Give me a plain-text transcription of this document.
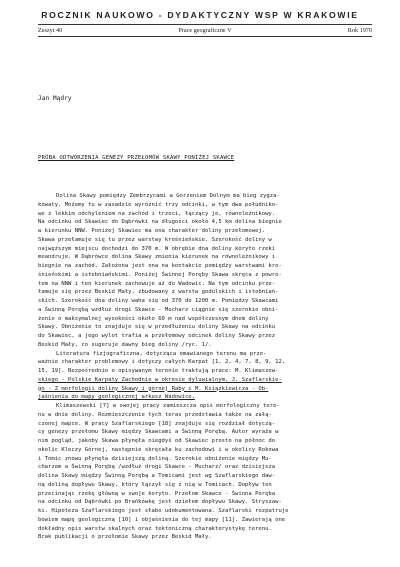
ROCZNIK NAUKOWO - DYDAKTYCZNY WSP W KRAKOWIE
Zeszyt 40	Prace geograficzne V	Rok 1970
Jan Mądry
PRÓBA ODTWORZENIA GENEZY PRZEŁOMÓW SKAWY PONIŻEJ SKAWCE
Dolina Skawy pomiędzy Zembrzycami a Gorzeniem Dolnym ma bieg zygza-
kowaty. Możemy tu w zasadzie wyróżnić trzy odcinki, w tym dwa południko-
we z lekkim odchyleniem na zachód i trzeci, łączący je, równoleżnikowy.
Na odcinku od Skawiec do Dąbrówki na długości około 4,5 km dolina biegnie
w kierunku NNW. Poniżej Skawiec ma ona charakter doliny przełomowej.
Skawa przełamuje się tu przez warstwy krośnieńskie. Szerokość doliny w
najwęższym miejscu dochodzi do 370 m. W obrębie dna doliny koryto rzeki
meandruje. W Dąbrówce dolina Skawy zmienia kierunek na równoleżnikowy i
biegnie na zachód. Założona jest ona na kontakcie pomiędzy warstwami kro-
śnieńskimi a istebniańskimi. Poniżej Świnnej Poręby Skawa skręca z powro-
tem na NNW i ten kierunek zachowuje aż do Wadowic. Na tym odcinku prze-
łamuje się przez Beskid Mały, zbudowany z warstw godulskich i istebniań-
skich. Szerokość dna doliny waha się od 370 do 1200 m. Pomiędzy Skawcami
a Świnną Porębą wzdłuż drogi Skawce - Mucharz ciągnie się szerokie obni-
żenie o maksymalnej wysokości około 60 m nad współczesnym dnem doliny
Skawy. Obniżenie to znajduje się w przedłużeniu doliny Skawy na odcinku
do Skawiec, a jego wylot trafia w przełomowy odcinek doliny Skawy przez
Beskid Mały, co sugeruje dawny bieg doliny /ryc. 1/.
Literatura fizjograficzna, dotycząca omawianego terenu ma prze-
ważnie charakter problemowy i dotyczy całych Karpat [1, 2, 4, 7, 8, 9, 12,
15, 19]. Bezpośrednio o opisywanym terenie traktują prace: M. Klimaszew-
skiego - Polskie Karpaty Zachodnie w okresie dyluwialnym, J. Szaflarskie-
go - Z morfologii doliny Skawy i górnej Raby i M. Książkiewicza - Ob-
jaśnienia do mapy geologicznej arkusz Wadowice.
Klimaszewski [7] w swojej pracy zamieszcza opis morfologiczny tere-
nu w dnie doliny. Rozmieszczenie tych teras przedstawia także na załą-
czonej mapce. W pracy Szaflarskiego [18] znajduje się rozdział dotyczą-
cy genezy przełomu Skawy między Skawcami a Świnną Porębą. Autor wyraża w
nim pogląd, jakoby Skawa płynęła niegdyś od Skawiec prosto na północ do
okolic Kleczy Górnej, następnie skręcała ku zachodowi i w okolicy Rokowa
i Tomic znowu płynęła dzisiejszą doliną. Szerokie obniżenie między Mu-
charzem a Świnną Porębą /wzdłuż drogi Skawce - Mucharz/ oraz dzisiejsza
dolina Skawy między Świnną Porębą a Tomicami jest wg Szaflarskiego daw-
ną doliną dopływu Skawy, który łączył się z nią w Tomicach. Dopływ ten
przecinając rzekę główną w swoje koryto. Przełom Skawce - Świnna Poręba
na odcinku od Dąbrówki po Brańkówkę jest dziełem dopływu Skawy. Stryszaw-
ki. Hipoteza Szaflarskiego jest słabo udokumentowana. Szaflarski rozpatruje
bowiem mapę geologiczną [10] i objaśnienia do tej mapy [11]. Zawierają one
dokładny opis warstw skalnych oraz tektoniczną charakterystykę terenu.
Brak publikacji o przełomie Skawy przez Beskid Mały.
